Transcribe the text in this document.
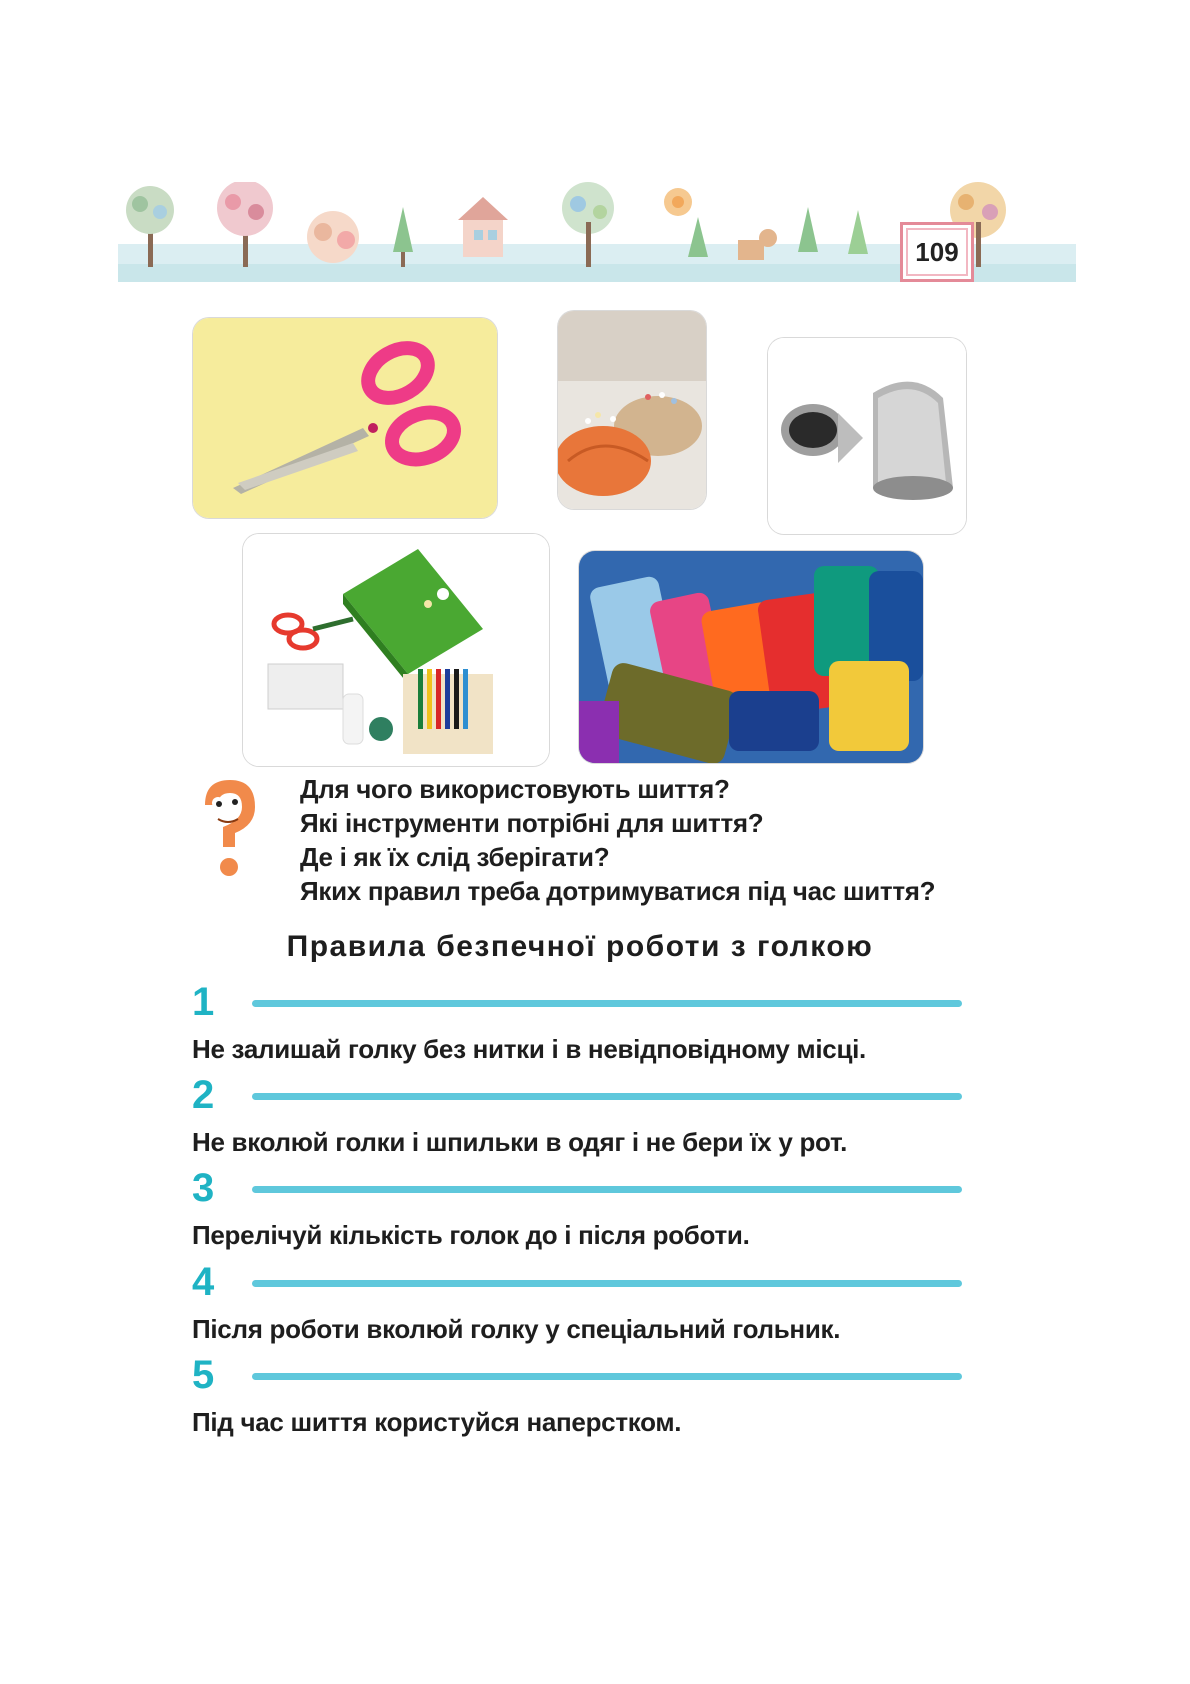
109
Для чого використовують шиття?
Які інструменти потрібні для шиття?
Де і як їх слід зберігати?
Яких правил треба дотримуватися під час шиття?
Правила безпечної роботи з голкою
1
Не залишай голку без нитки і в невідповідному місці.
2
Не вколюй голки і шпильки в одяг і не бери їх у рот.
3
Перелічуй кількість голок до і після роботи.
4
Після роботи вколюй голку у спеціальний гольник.
5
Під час шиття користуйся наперстком.
